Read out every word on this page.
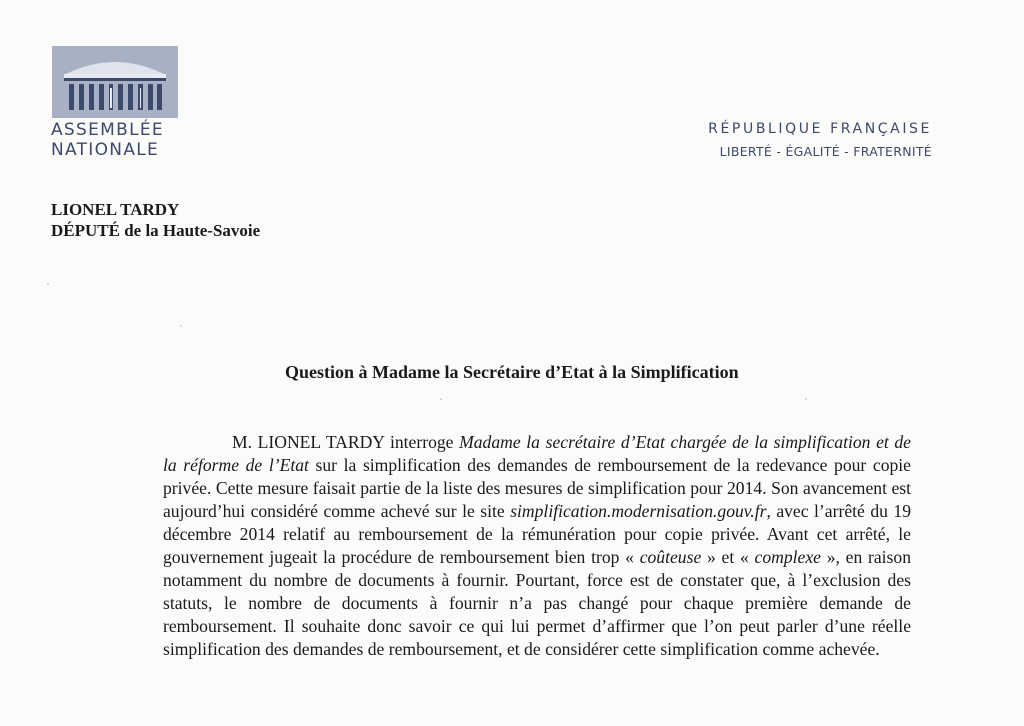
ASSEMBLÉE
NATIONALE
RÉPUBLIQUE FRANÇAISE
LIBERTÉ - ÉGALITÉ - FRATERNITÉ
LIONEL TARDY
DÉPUTÉ de la Haute-Savoie
Question à Madame la Secrétaire d’Etat à la Simplification

M. LIONEL TARDY interroge Madame la secrétaire d’Etat chargée de la simplification et de la réforme de l’Etat sur la simplification des demandes de remboursement de la redevance pour copie privée. Cette mesure faisait partie de la liste des mesures de simplification pour 2014. Son avancement est aujourd’hui considéré comme achevé sur le site simplification.modernisation.gouv.fr, avec l’arrêté du 19 décembre 2014 relatif au remboursement de la rémunération pour copie privée. Avant cet arrêté, le gouvernement jugeait la procédure de remboursement bien trop « coûteuse » et « complexe », en raison notamment du nombre de documents à fournir. Pourtant, force est de constater que, à l’exclusion des statuts, le nombre de documents à fournir n’a pas changé pour chaque première demande de remboursement. Il souhaite donc savoir ce qui lui permet d’affirmer que l’on peut parler d’une réelle simplification des demandes de remboursement, et de considérer cette simplification comme achevée.
